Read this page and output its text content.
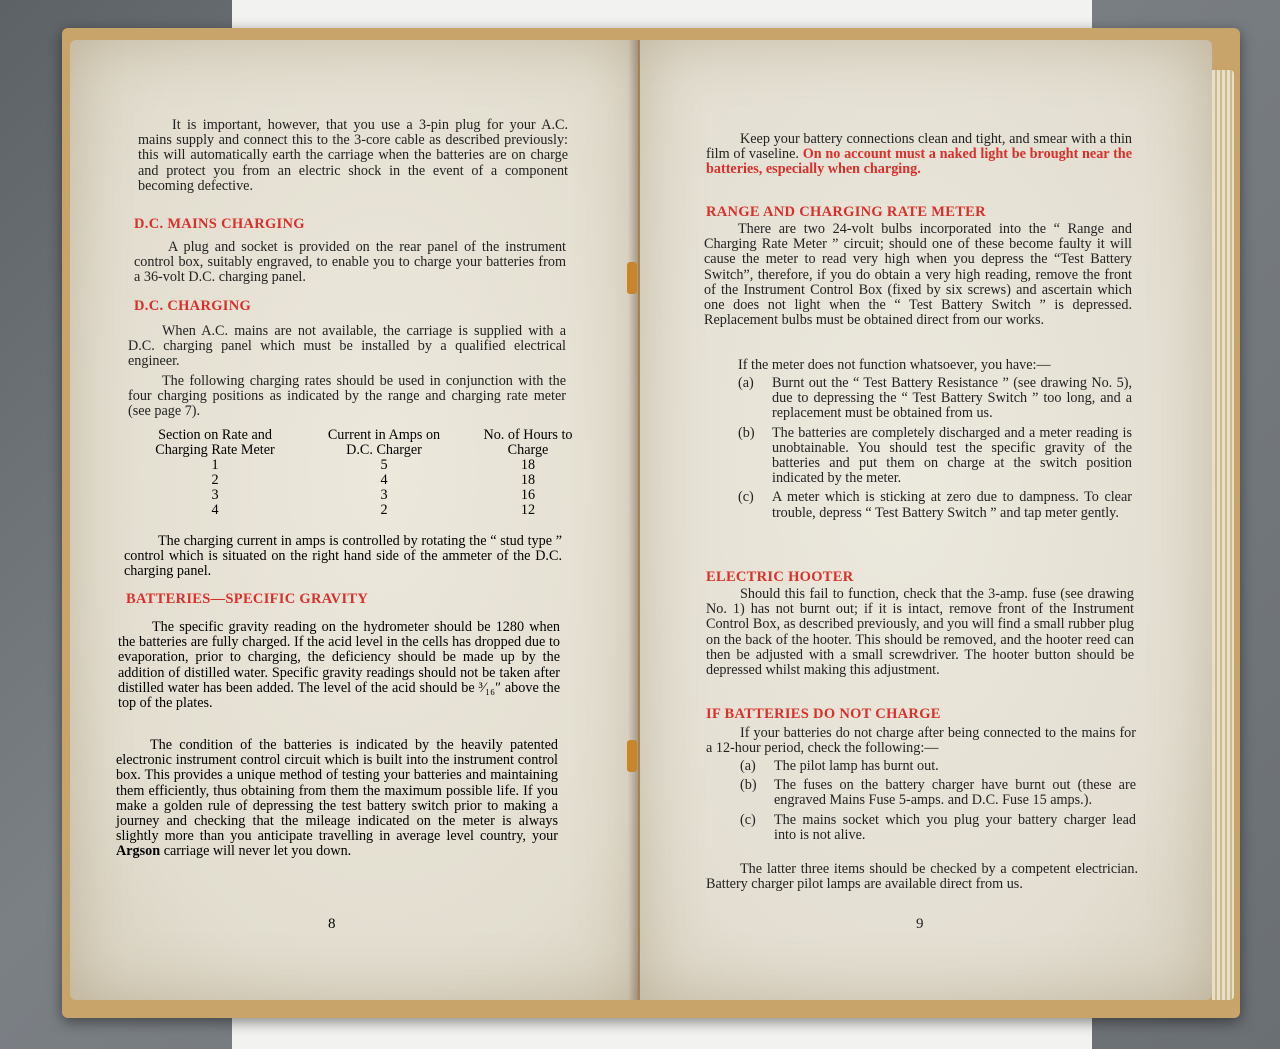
It is important, however, that you use a 3-pin plug for your A.C. mains supply and connect this to the 3-core cable as described previously: this will automatically earth the carriage when the batteries are on charge and protect you from an electric shock in the event of a component becoming defective.

D.C. MAINS CHARGING

A plug and socket is provided on the rear panel of the instrument control box, suitably engraved, to enable you to charge your batteries from a 36-volt D.C. charging panel.

D.C. CHARGING

When A.C. mains are not available, the carriage is supplied with a D.C. charging panel which must be installed by a qualified electrical engineer.

The following charging rates should be used in conjunction with the four charging positions as indicated by the range and charging rate meter (see page 7).

Section on Rate and Charging Rate Meter	Current in Amps on D.C. Charger	No. of Hours to Charge
1	5	18
2	4	18
3	3	16
4	2	12

The charging current in amps is controlled by rotating the “ stud type ” control which is situated on the right hand side of the ammeter of the D.C. charging panel.

BATTERIES—SPECIFIC GRAVITY

The specific gravity reading on the hydrometer should be 1280 when the batteries are fully charged. If the acid level in the cells has dropped due to evaporation, prior to charging, the deficiency should be made up by the addition of distilled water. Specific gravity readings should not be taken after distilled water has been added. The level of the acid should be ³⁄₁₆″ above the top of the plates.

The condition of the batteries is indicated by the heavily patented electronic instrument control circuit which is built into the instrument control box. This provides a unique method of testing your batteries and maintaining them efficiently, thus obtaining from them the maximum possible life. If you make a golden rule of depressing the test battery switch prior to making a journey and checking that the mileage indicated on the meter is always slightly more than you anticipate travelling in average level country, your Argson carriage will never let you down.

8

Keep your battery connections clean and tight, and smear with a thin film of vaseline. On no account must a naked light be brought near the batteries, especially when charging.

RANGE AND CHARGING RATE METER

There are two 24-volt bulbs incorporated into the “ Range and Charging Rate Meter ” circuit; should one of these become faulty it will cause the meter to read very high when you depress the “Test Battery Switch”, therefore, if you do obtain a very high reading, remove the front of the Instrument Control Box (fixed by six screws) and ascertain which one does not light when the “ Test Battery Switch ” is depressed. Replacement bulbs must be obtained direct from our works.

If the meter does not function whatsoever, you have:—

(a) Burnt out the “ Test Battery Resistance ” (see drawing No. 5), due to depressing the “ Test Battery Switch ” too long, and a replacement must be obtained from us.
(b) The batteries are completely discharged and a meter reading is unobtainable. You should test the specific gravity of the batteries and put them on charge at the switch position indicated by the meter.
(c) A meter which is sticking at zero due to dampness. To clear trouble, depress “ Test Battery Switch ” and tap meter gently.
ELECTRIC HOOTER

Should this fail to function, check that the 3-amp. fuse (see drawing No. 1) has not burnt out; if it is intact, remove front of the Instrument Control Box, as described previously, and you will find a small rubber plug on the back of the hooter. This should be removed, and the hooter reed can then be adjusted with a small screwdriver. The hooter button should be depressed whilst making this adjustment.

IF BATTERIES DO NOT CHARGE

If your batteries do not charge after being connected to the mains for a 12-hour period, check the following:—

(a) The pilot lamp has burnt out.
(b) The fuses on the battery charger have burnt out (these are engraved Mains Fuse 5-amps. and D.C. Fuse 15 amps.).
(c) The mains socket which you plug your battery charger lead into is not alive.

The latter three items should be checked by a competent electrician. Battery charger pilot lamps are available direct from us.

9
